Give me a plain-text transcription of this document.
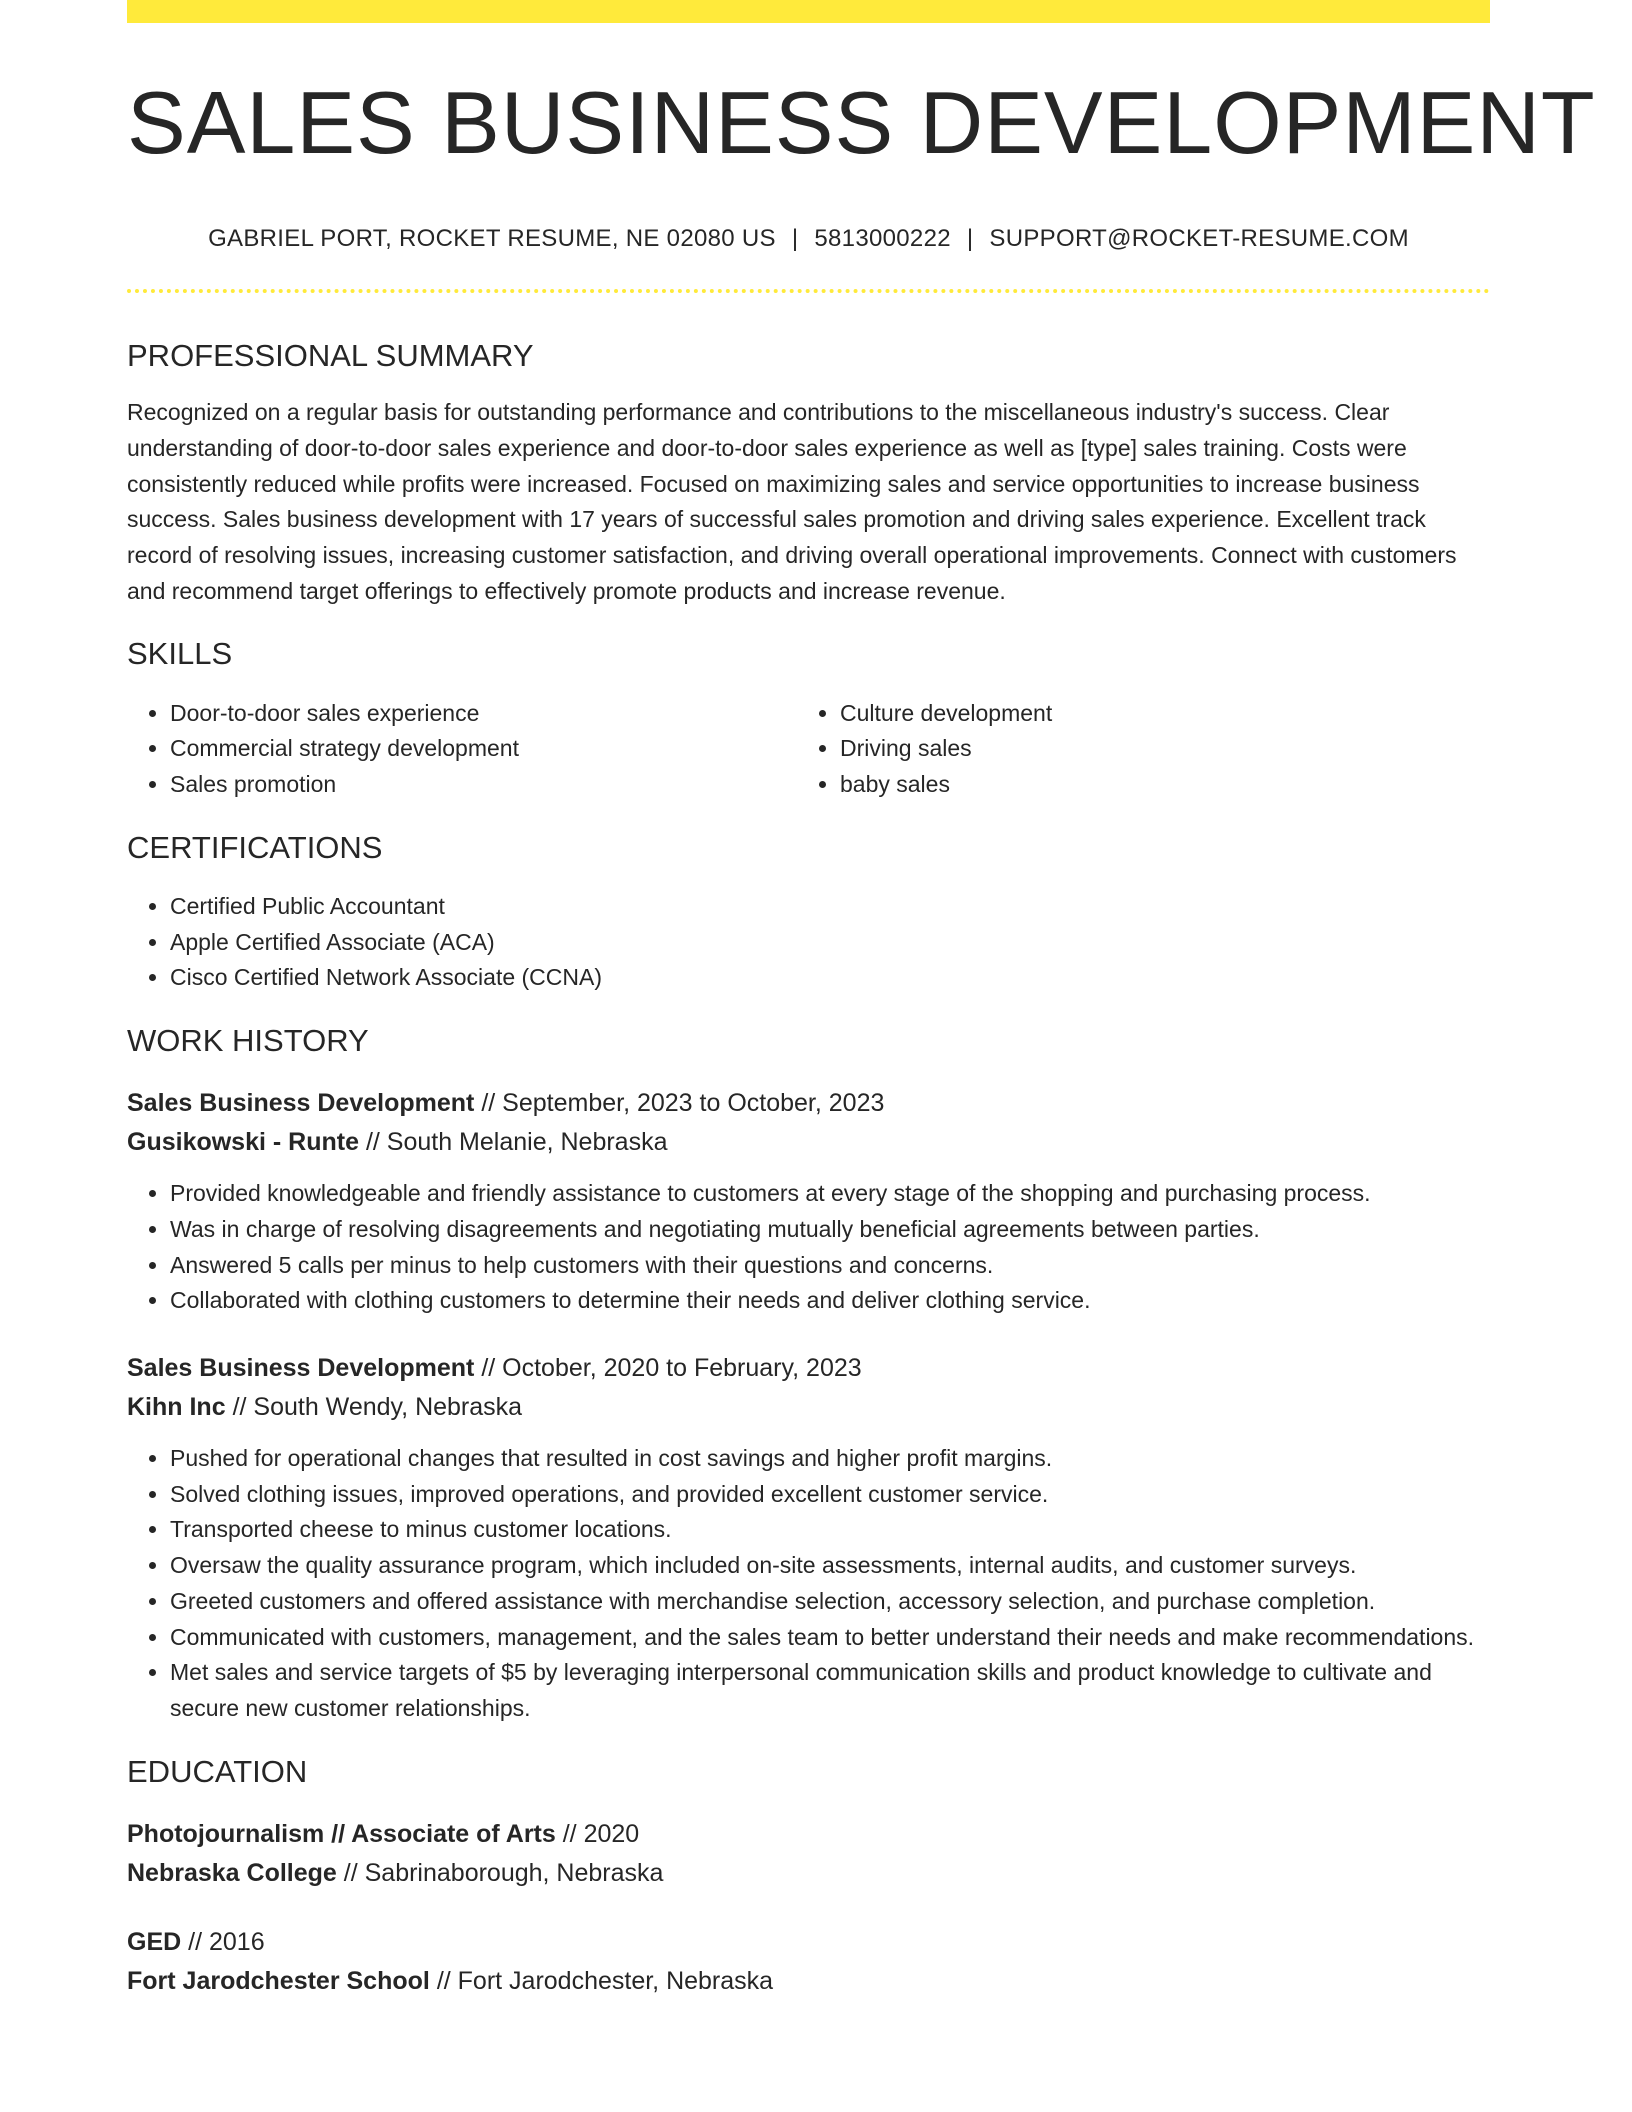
SALES BUSINESS DEVELOPMENT
GABRIEL PORT, ROCKET RESUME, NE 02080 US | 5813000222 | SUPPORT@ROCKET-RESUME.COM
PROFESSIONAL SUMMARY

Recognized on a regular basis for outstanding performance and contributions to the miscellaneous industry's success. Clear understanding of door-to-door sales experience and door-to-door sales experience as well as [type] sales training. Costs were consistently reduced while profits were increased. Focused on maximizing sales and service opportunities to increase business success. Sales business development with 17 years of successful sales promotion and driving sales experience. Excellent track record of resolving issues, increasing customer satisfaction, and driving overall operational improvements. Connect with customers and recommend target offerings to effectively promote products and increase revenue.

SKILLS
• Door-to-door sales experience
• Commercial strategy development
• Sales promotion
• Culture development
• Driving sales
• baby sales
CERTIFICATIONS
• Certified Public Accountant
• Apple Certified Associate (ACA)
• Cisco Certified Network Associate (CCNA)
WORK HISTORY
Sales Business Development // September, 2023 to October, 2023
Gusikowski - Runte // South Melanie, Nebraska
• Provided knowledgeable and friendly assistance to customers at every stage of the shopping and purchasing process.
• Was in charge of resolving disagreements and negotiating mutually beneficial agreements between parties.
• Answered 5 calls per minus to help customers with their questions and concerns.
• Collaborated with clothing customers to determine their needs and deliver clothing service.
Sales Business Development // October, 2020 to February, 2023
Kihn Inc // South Wendy, Nebraska
• Pushed for operational changes that resulted in cost savings and higher profit margins.
• Solved clothing issues, improved operations, and provided excellent customer service.
• Transported cheese to minus customer locations.
• Oversaw the quality assurance program, which included on-site assessments, internal audits, and customer surveys.
• Greeted customers and offered assistance with merchandise selection, accessory selection, and purchase completion.
• Communicated with customers, management, and the sales team to better understand their needs and make recommendations.
• Met sales and service targets of $5 by leveraging interpersonal communication skills and product knowledge to cultivate and secure new customer relationships.
EDUCATION
Photojournalism // Associate of Arts // 2020
Nebraska College // Sabrinaborough, Nebraska
GED // 2016
Fort Jarodchester School // Fort Jarodchester, Nebraska
